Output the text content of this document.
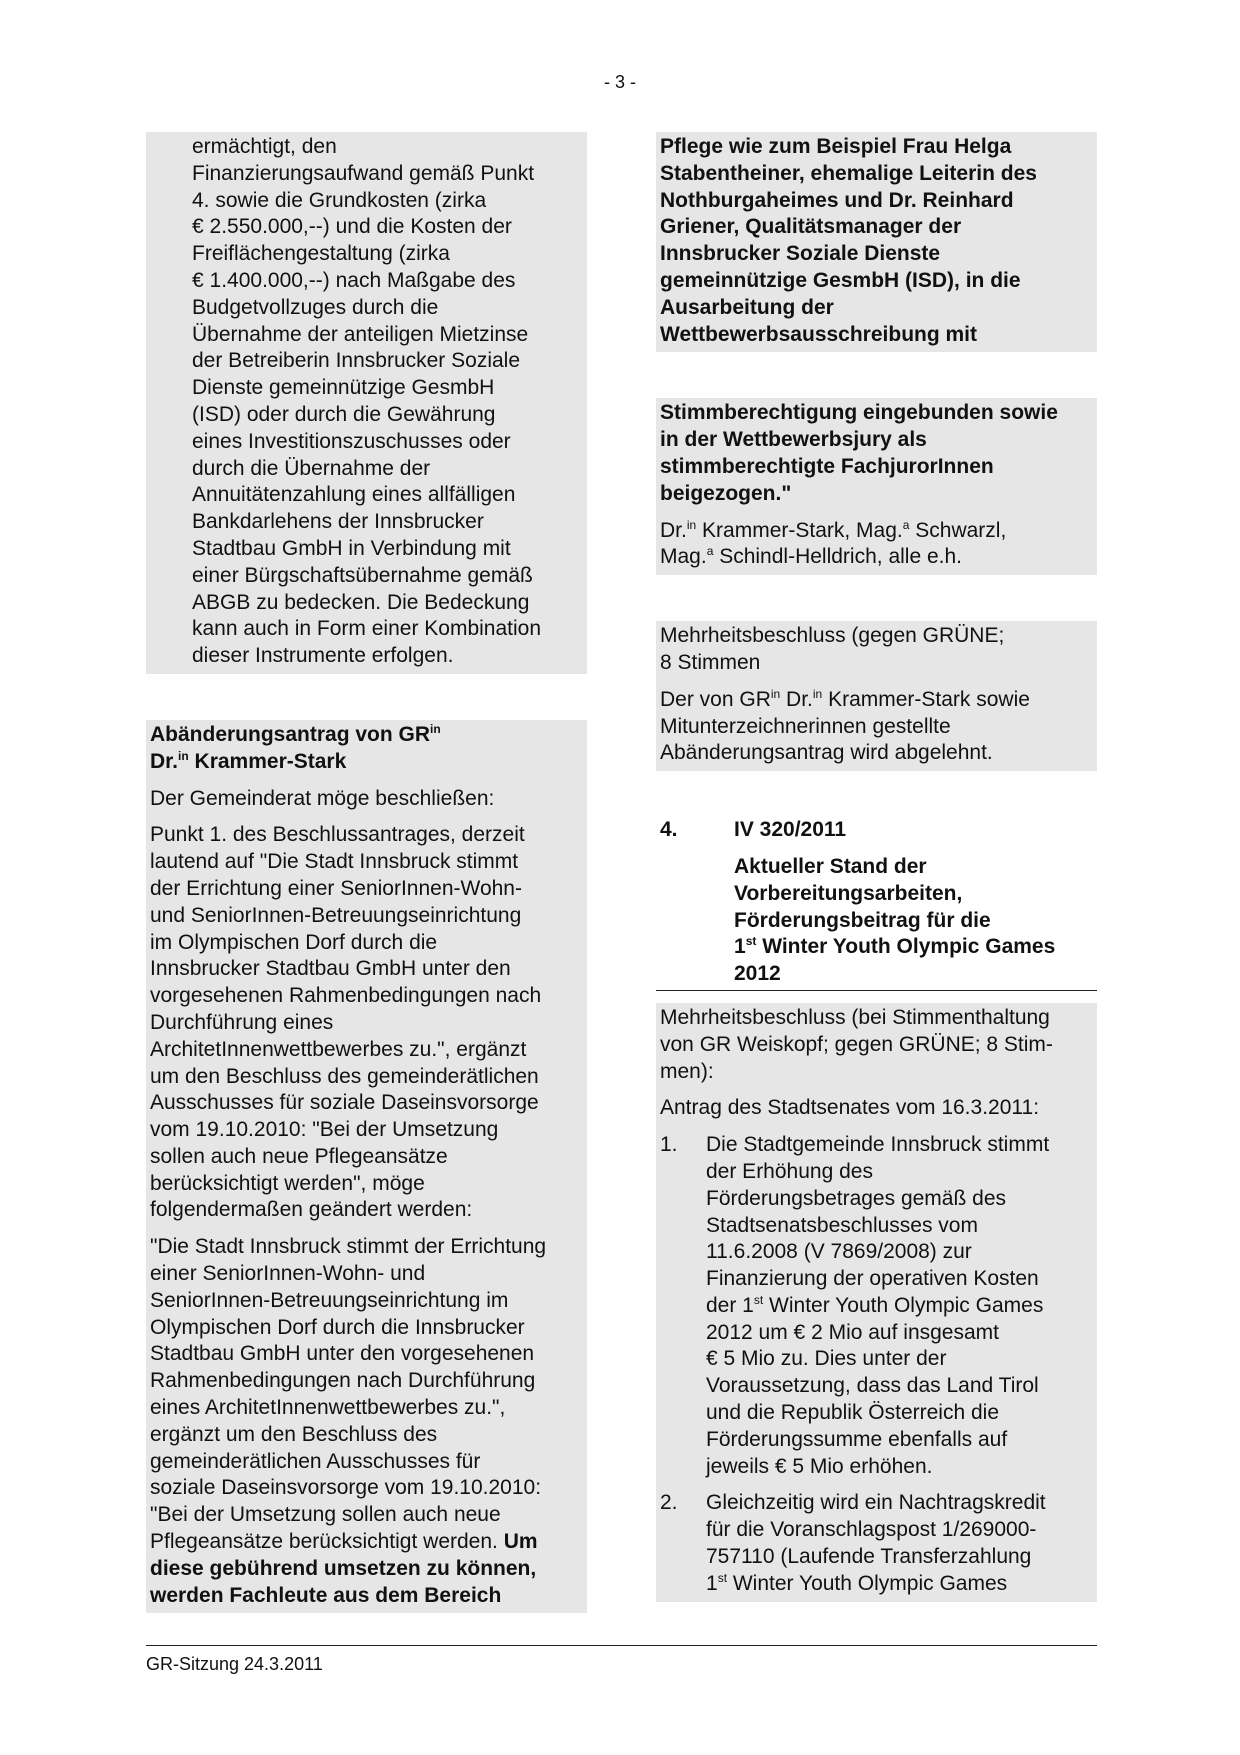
- 3 -
ermächtigt, den
Finanzierungsaufwand gemäß Punkt
4. sowie die Grundkosten (zirka
€ 2.550.000,--) und die Kosten der
Freiflächengestaltung (zirka
€ 1.400.000,--) nach Maßgabe des
Budgetvollzuges durch die
Übernahme der anteiligen Mietzinse
der Betreiberin Innsbrucker Soziale
Dienste gemeinnützige GesmbH
(ISD) oder durch die Gewährung
eines Investitionszuschusses oder
durch die Übernahme der
Annuitätenzahlung eines allfälligen
Bankdarlehens der Innsbrucker
Stadtbau GmbH in Verbindung mit
einer Bürgschaftsübernahme gemäß
ABGB zu bedecken. Die Bedeckung
kann auch in Form einer Kombination
dieser Instrumente erfolgen.

Abänderungsantrag von $GR^{in}$
Dr.$^{in}$ Krammer-Stark

Der Gemeinderat möge beschließen:

Punkt 1. des Beschlussantrages, derzeit
lautend auf "Die Stadt Innsbruck stimmt
der Errichtung einer SeniorInnen-Wohn-
und SeniorInnen-Betreuungseinrichtung
im Olympischen Dorf durch die
Innsbrucker Stadtbau GmbH unter den
vorgesehenen Rahmenbedingungen nach
Durchführung eines
ArchitetInnenwettbewerbes zu.", ergänzt
um den Beschluss des gemeinderätlichen
Ausschusses für soziale Daseinsvorsorge
vom 19.10.2010: "Bei der Umsetzung
sollen auch neue Pflegeansätze
berücksichtigt werden", möge
folgendermaßen geändert werden:
"Die Stadt Innsbruck stimmt der Errichtung
einer SeniorInnen-Wohn- und
SeniorInnen-Betreuungseinrichtung im
Olympischen Dorf durch die Innsbrucker
Stadtbau GmbH unter den vorgesehenen
Rahmenbedingungen nach Durchführung
eines ArchitetInnenwettbewerbes zu.",
ergänzt um den Beschluss des
gemeinderätlichen Ausschusses für
soziale Daseinsvorsorge vom 19.10.2010:

"Bei der Umsetzung sollen auch neue

Pflegeansätze berücksichtigt werden. Um

diese gebührend umsetzen zu können,
werden Fachleute aus dem Bereich
Pflege wie zum Beispiel Frau Helga
Stabentheiner, ehemalige Leiterin des
Nothburgaheimes und Dr. Reinhard
Griener, Qualitätsmanager der
Innsbrucker Soziale Dienste
gemeinnützige GesmbH (ISD), in die
Ausarbeitung der
Wettbewerbsausschreibung mit
Stimmberechtigung eingebunden sowie
in der Wettbewerbsjury als
stimmberechtigte FachjurorInnen
beigezogen."

Dr.$^{in}$ Krammer-Stark, Mag.$^a$ Schwarzl,
Mag.$^a$ Schindl-Helldrich, alle e.h.

Mehrheitsbeschluss (gegen GRÜNE;
8 Stimmen

Der von $GR^{in}$ Dr.$^{in}$ Krammer-Stark sowie

Mitunterzeichnerinnen gestellte
Abänderungsantrag wird abgelehnt.

4.	IV 320/2011

Aktueller Stand der
Vorbereitungsarbeiten,
Förderungsbeitrag für die

1st Winter Youth Olympic Games

2012

Mehrheitsbeschluss (bei Stimmenthaltung
von GR Weiskopf; gegen GRÜNE; 8 Stim-
men):

Antrag des Stadtsenates vom 16.3.2011:

1.	Die Stadtgemeinde Innsbruck stimmt
der Erhöhung des
Förderungsbetrages gemäß des
Stadtsenatsbeschlusses vom
11.6.2008 (V 7869/2008) zur
Finanzierung der operativen Kosten

der 1st Winter Youth Olympic Games

2012 um € 2 Mio auf insgesamt
€ 5 Mio zu. Dies unter der
Voraussetzung, dass das Land Tirol
und die Republik Österreich die
Förderungssumme ebenfalls auf
jeweils € 5 Mio erhöhen.
2.	Gleichzeitig wird ein Nachtragskredit
für die Voranschlagspost 1/269000-
757110 (Laufende Transferzahlung

1st Winter Youth Olympic Games

GR-Sitzung 24.3.2011
